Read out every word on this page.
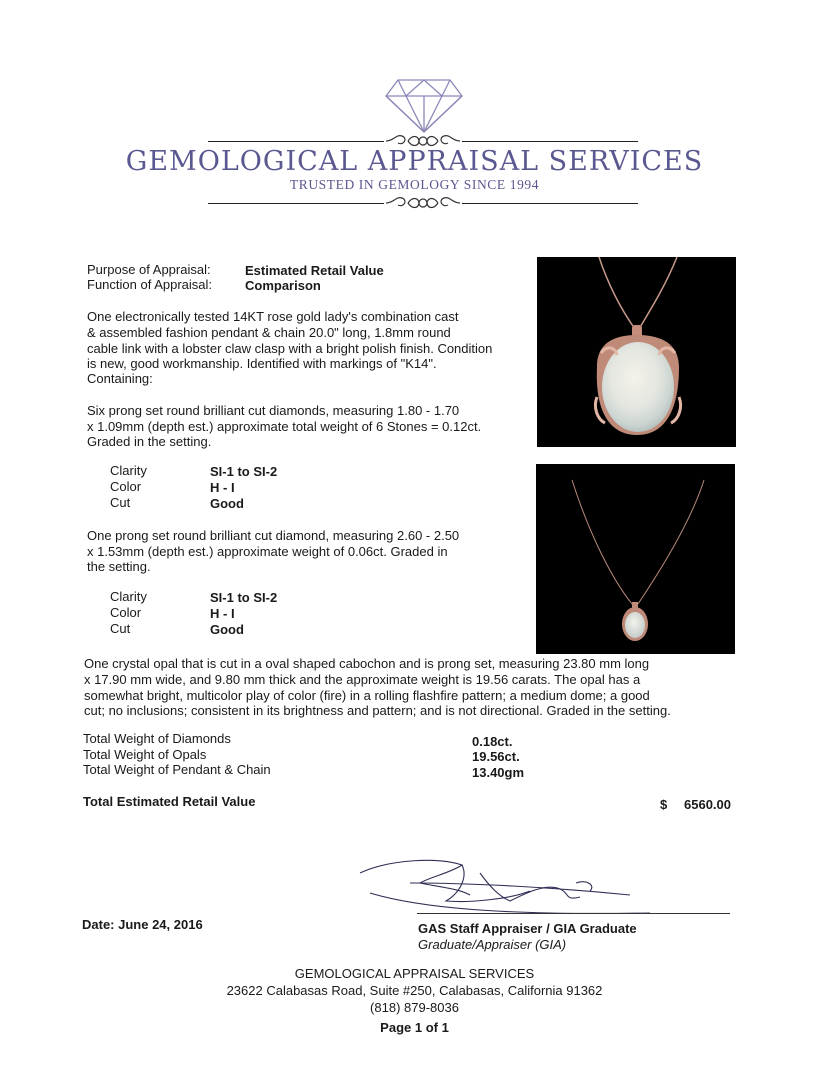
GEMOLOGICAL APPRAISAL SERVICES
TRUSTED IN GEMOLOGY SINCE 1994
Purpose of Appraisal:	Estimated Retail Value
Function of Appraisal:	Comparison
One electronically tested 14KT rose gold lady's combination cast
& assembled fashion pendant & chain 20.0" long, 1.8mm round
cable link with a lobster claw clasp with a bright polish finish. Condition
is new, good workmanship. Identified with markings of "K14".
Containing:
Six prong set round brilliant cut diamonds, measuring 1.80 - 1.70
x 1.09mm (depth est.) approximate total weight of 6 Stones = 0.12ct.
Graded in the setting.
Clarity	SI-1 to SI-2
Color	H - I
Cut	Good
One prong set round brilliant cut diamond, measuring 2.60 - 2.50
x 1.53mm (depth est.) approximate weight of 0.06ct. Graded in
the setting.
Clarity	SI-1 to SI-2
Color	H - I
Cut	Good
One crystal opal that is cut in a oval shaped cabochon and is prong set, measuring 23.80 mm long
x 17.90 mm wide, and 9.80 mm thick and the approximate weight is 19.56 carats. The opal has a
somewhat bright, multicolor play of color (fire) in a rolling flashfire pattern; a medium dome; a good
cut; no inclusions; consistent in its brightness and pattern; and is not directional. Graded in the setting.
Total Weight of Diamonds	0.18ct.
Total Weight of Opals	19.56ct.
Total Weight of Pendant & Chain	13.40gm
Total Estimated Retail Value	$ 6560.00
Date: June 24, 2016	GAS Staff Appraiser / GIA Graduate
Graduate/Appraiser (GIA)
GEMOLOGICAL APPRAISAL SERVICES
23622 Calabasas Road, Suite #250, Calabasas, California 91362
(818) 879-8036
Page 1 of 1
